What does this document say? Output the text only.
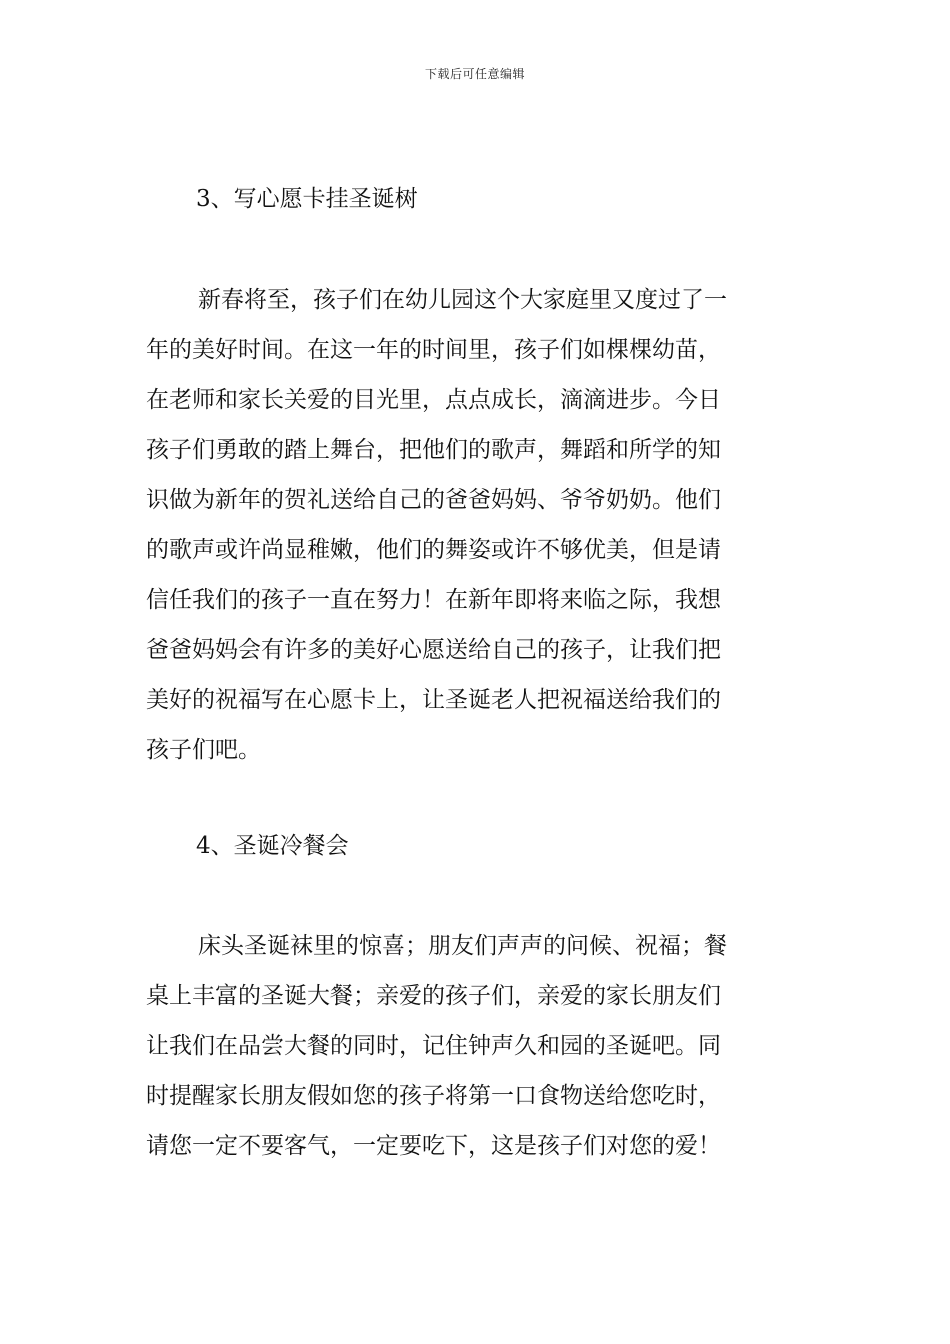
下载后可任意编辑
3、写心愿卡挂圣诞树
新春将至，孩子们在幼儿园这个大家庭里又度过了一
年的美好时间。在这一年的时间里，孩子们如棵棵幼苗，
在老师和家长关爱的目光里，点点成长，滴滴进步。今日
孩子们勇敢的踏上舞台，把他们的歌声，舞蹈和所学的知
识做为新年的贺礼送给自己的爸爸妈妈、爷爷奶奶。他们
的歌声或许尚显稚嫩，他们的舞姿或许不够优美，但是请
信任我们的孩子一直在努力！在新年即将来临之际，我想
爸爸妈妈会有许多的美好心愿送给自己的孩子，让我们把
美好的祝福写在心愿卡上，让圣诞老人把祝福送给我们的
孩子们吧。
4、圣诞冷餐会
床头圣诞袜里的惊喜；朋友们声声的问候、祝福；餐
桌上丰富的圣诞大餐；亲爱的孩子们，亲爱的家长朋友们
让我们在品尝大餐的同时，记住钟声久和园的圣诞吧。同
时提醒家长朋友假如您的孩子将第一口食物送给您吃时，
请您一定不要客气，一定要吃下，这是孩子们对您的爱！
